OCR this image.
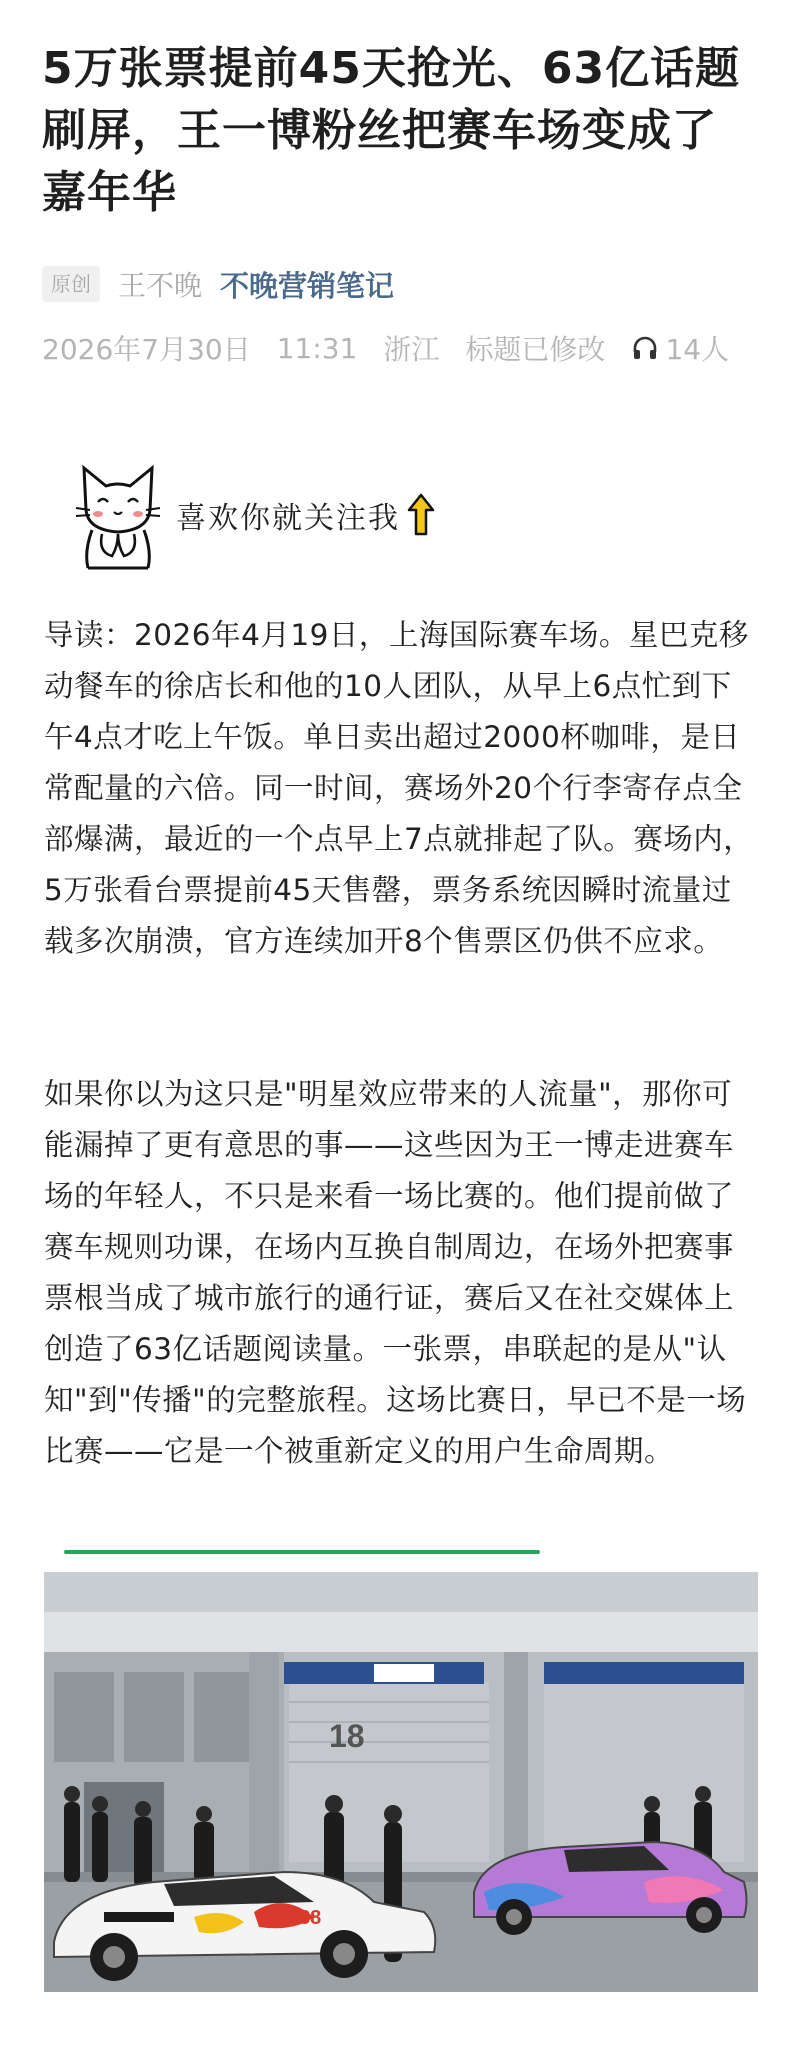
5万张票提前45天抢光、63亿话题刷屏，王一博粉丝把赛车场变成了嘉年华
原创 王不晚 不晚营销笔记
2026年7月30日 11:31 浙江 标题已修改 14人
喜欢你就关注我

导读：2026年4月19日，上海国际赛车场。星巴克移动餐车的徐店长和他的10人团队，从早上6点忙到下午4点才吃上午饭。单日卖出超过2000杯咖啡，是日常配量的六倍。同一时间，赛场外20个行李寄存点全部爆满，最近的一个点早上7点就排起了队。赛场内，5万张看台票提前45天售罄，票务系统因瞬时流量过载多次崩溃，官方连续加开8个售票区仍供不应求。

如果你以为这只是"明星效应带来的人流量"，那你可能漏掉了更有意思的事——这些因为王一博走进赛车场的年轻人，不只是来看一场比赛的。他们提前做了赛车规则功课，在场内互换自制周边，在场外把赛事票根当成了城市旅行的通行证，赛后又在社交媒体上创造了63亿话题阅读量。一张票，串联起的是从"认知"到"传播"的完整旅程。这场比赛日，早已不是一场比赛——它是一个被重新定义的用户生命周期。

18
88
